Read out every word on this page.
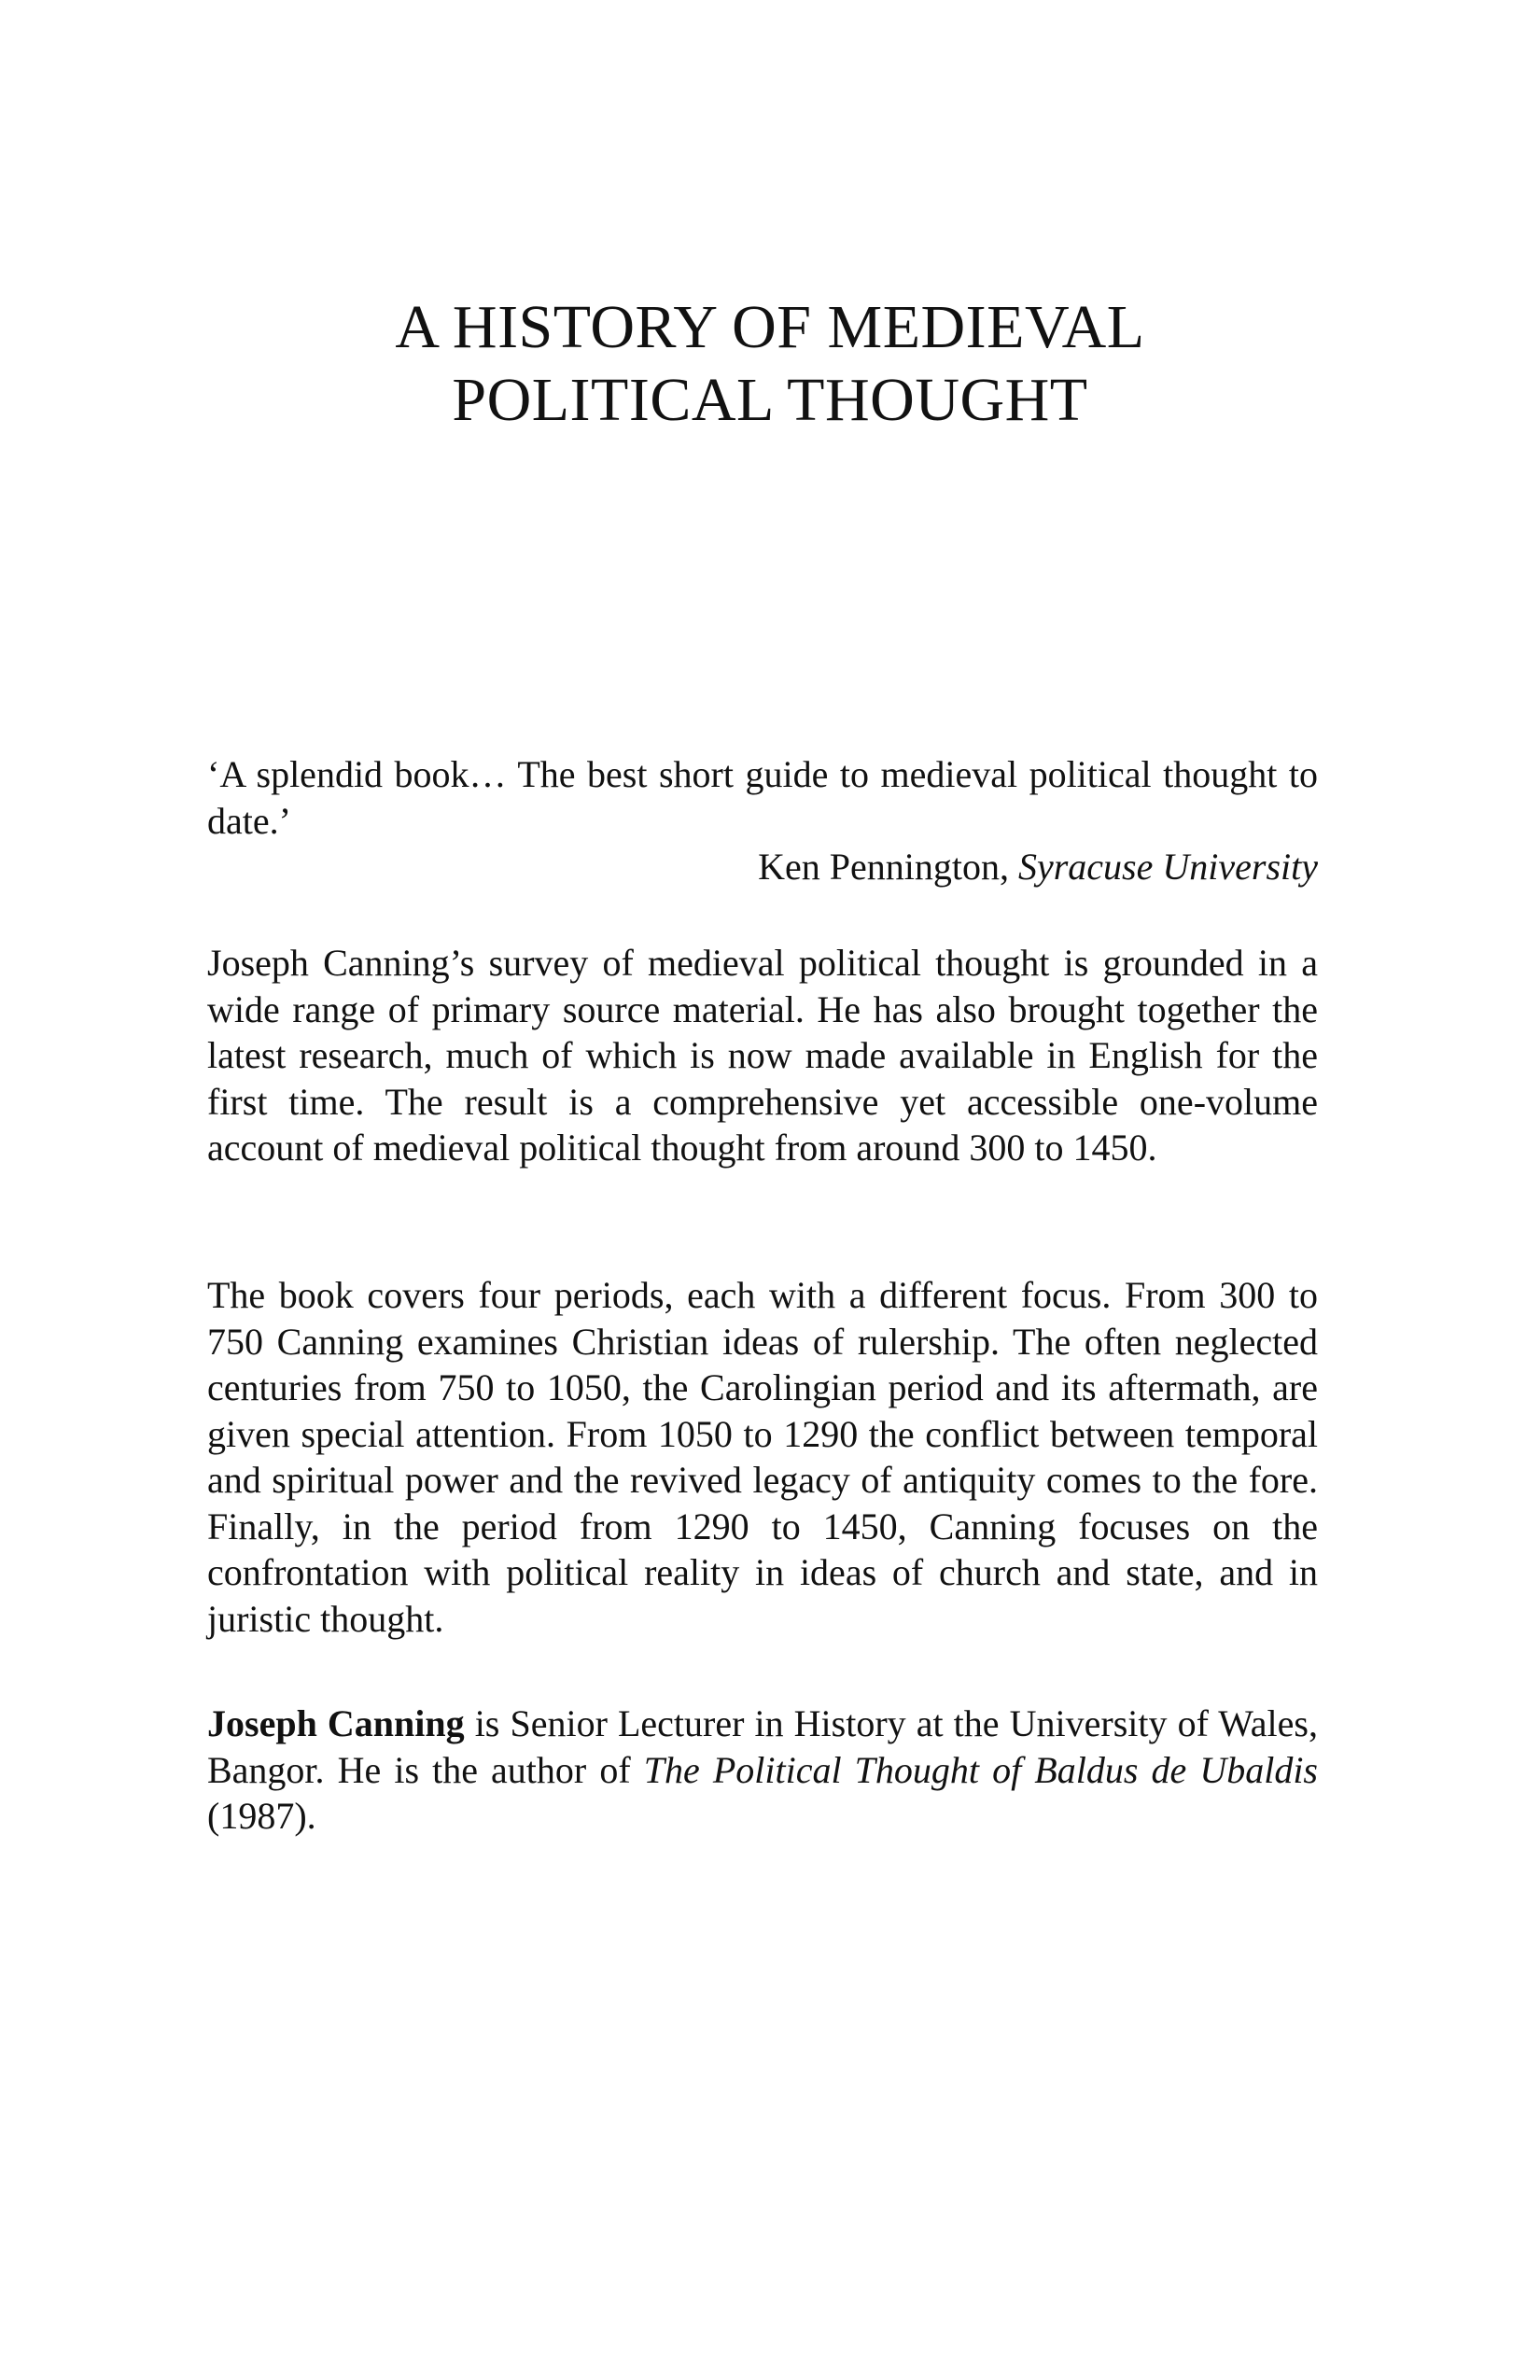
A HISTORY OF MEDIEVAL
POLITICAL THOUGHT

‘A splendid book… The best short guide to medieval political thought to date.’

Ken Pennington, Syracuse University

Joseph Canning’s survey of medieval political thought is grounded in a wide range of primary source material. He has also brought together the latest research, much of which is now made available in English for the first time. The result is a comprehensive yet accessible one-volume account of medieval political thought from around 300 to 1450.

The book covers four periods, each with a different focus. From 300 to 750 Canning examines Christian ideas of rulership. The often neglected centuries from 750 to 1050, the Carolingian period and its aftermath, are given special attention. From 1050 to 1290 the conflict between temporal and spiritual power and the revived legacy of antiquity comes to the fore. Finally, in the period from 1290 to 1450, Canning focuses on the confrontation with political reality in ideas of church and state, and in juristic thought.

Joseph Canning is Senior Lecturer in History at the University of Wales, Bangor. He is the author of The Political Thought of Baldus de Ubaldis (1987).
